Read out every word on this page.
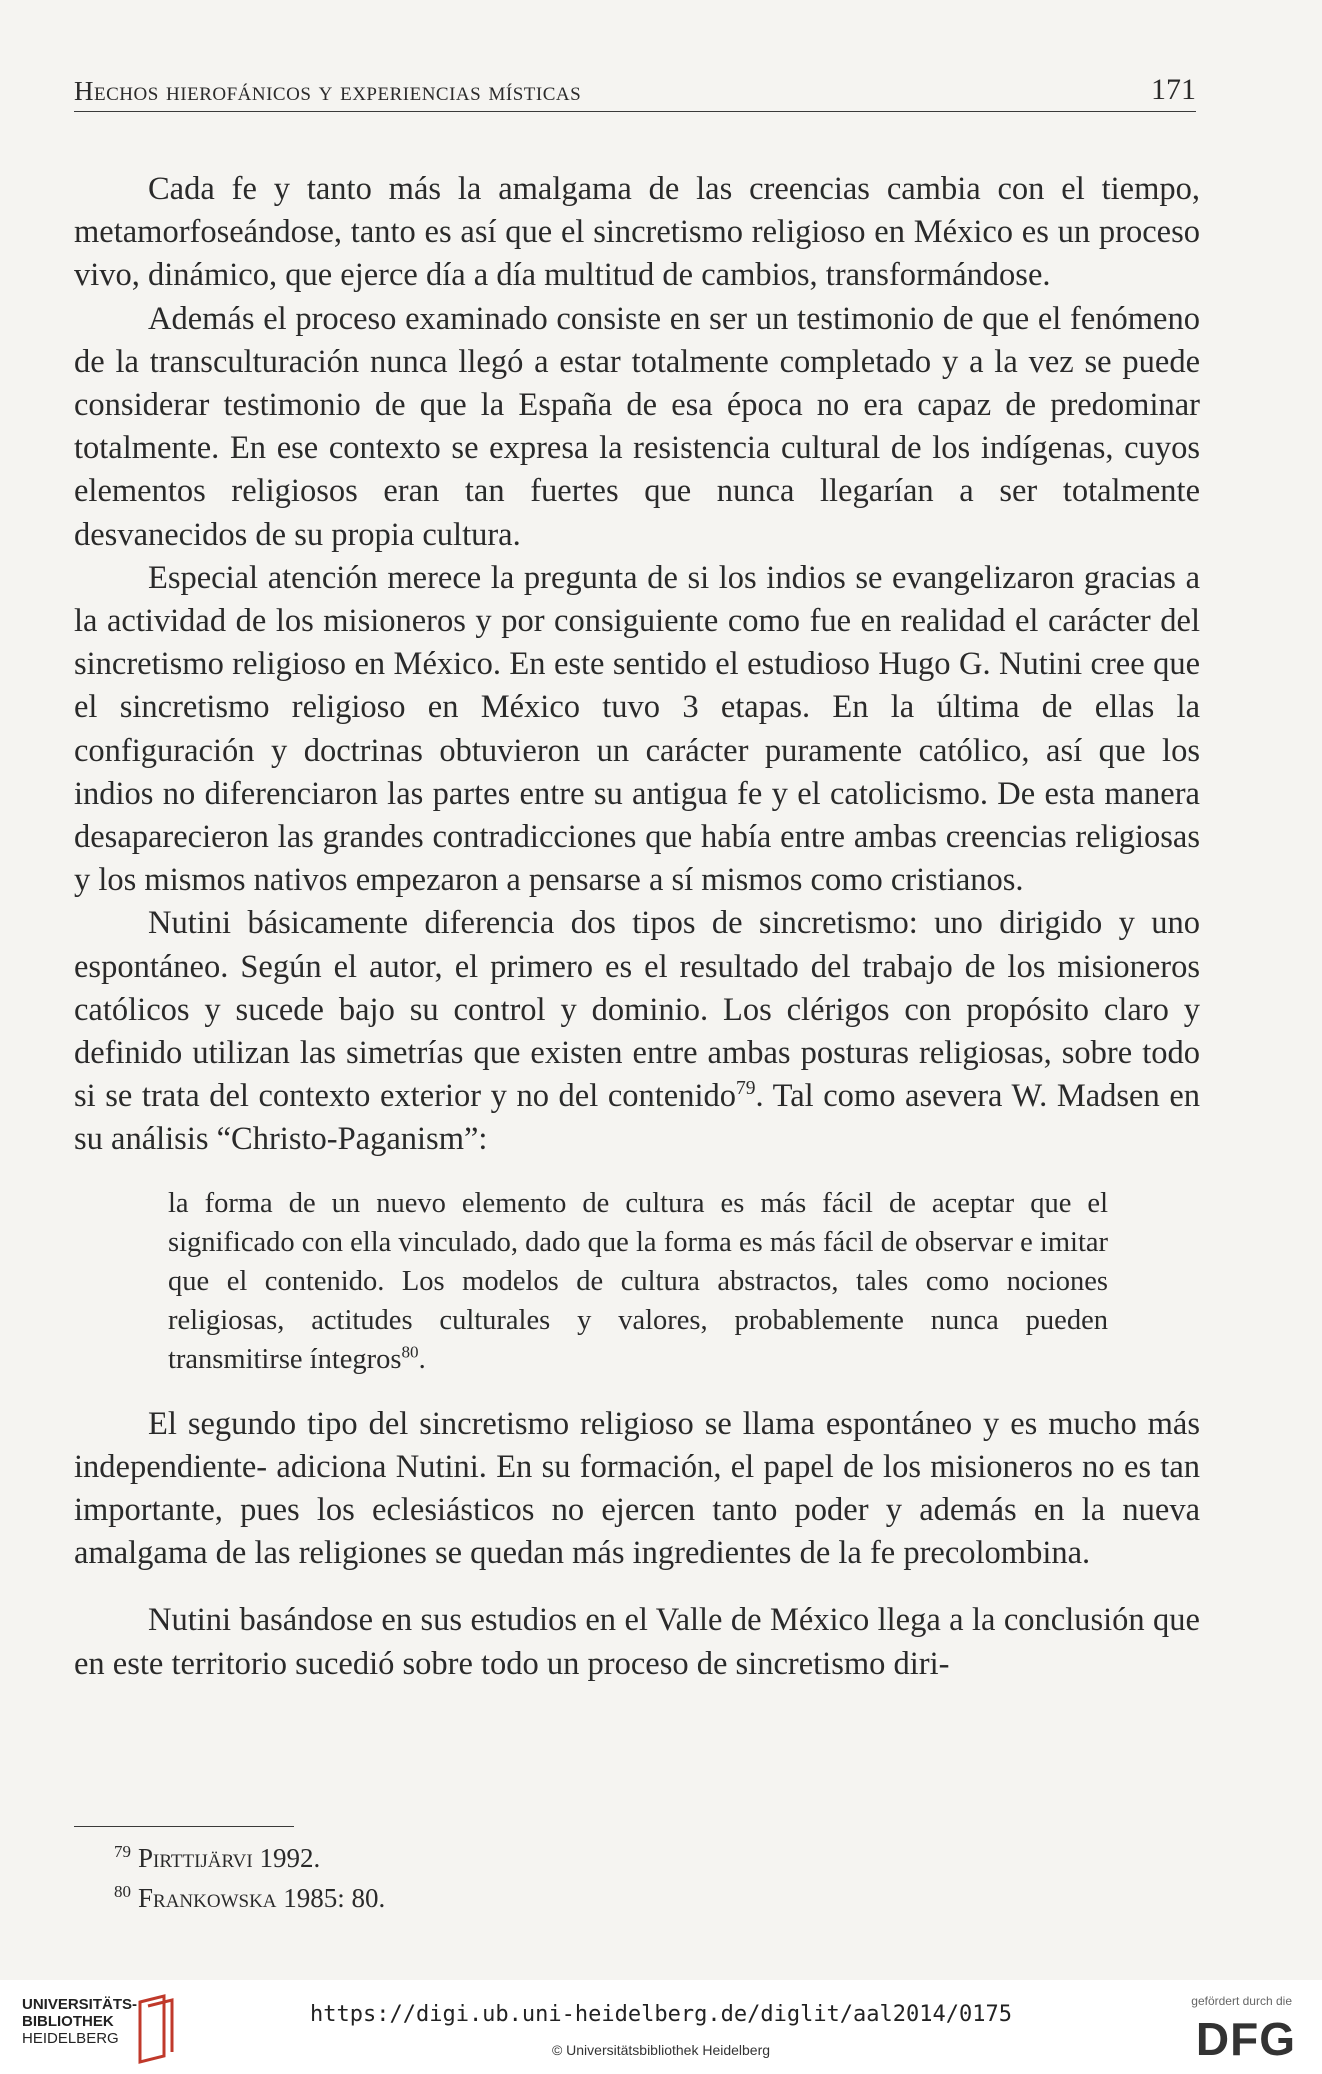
Hechos hierofánicos y experiencias místicas	171

Cada fe y tanto más la amalgama de las creencias cambia con el tiempo, metamorfoseándose, tanto es así que el sincretismo religioso en México es un proceso vivo, dinámico, que ejerce día a día multitud de cambios, transformándose.

Además el proceso examinado consiste en ser un testimonio de que el fenómeno de la transculturación nunca llegó a estar totalmente completado y a la vez se puede considerar testimonio de que la España de esa época no era capaz de predominar totalmente. En ese contexto se expresa la resistencia cultural de los indígenas, cuyos elementos religiosos eran tan fuertes que nunca llegarían a ser totalmente desvanecidos de su propia cultura.

Especial atención merece la pregunta de si los indios se evangelizaron gracias a la actividad de los misioneros y por consiguiente como fue en realidad el carácter del sincretismo religioso en México. En este sentido el estudioso Hugo G. Nutini cree que el sincretismo religioso en México tuvo 3 etapas. En la última de ellas la configuración y doctrinas obtuvieron un carácter puramente católico, así que los indios no diferenciaron las partes entre su antigua fe y el catolicismo. De esta manera desaparecieron las grandes contradicciones que había entre ambas creencias religiosas y los mismos nativos empezaron a pensarse a sí mismos como cristianos.

Nutini básicamente diferencia dos tipos de sincretismo: uno dirigido y uno espontáneo. Según el autor, el primero es el resultado del trabajo de los misioneros católicos y sucede bajo su control y dominio. Los clérigos con propósito claro y definido utilizan las simetrías que existen entre ambas posturas religiosas, sobre todo si se trata del contexto exterior y no del contenido$^{79}$. Tal como asevera W. Madsen en su análisis “Christo-Paganism”:

la forma de un nuevo elemento de cultura es más fácil de aceptar que el significado con ella vinculado, dado que la forma es más fácil de observar e imitar que el contenido. Los modelos de cultura abstractos, tales como nociones religiosas, actitudes culturales y valores, probablemente nunca pueden transmitirse íntegros$^{80}$.

El segundo tipo del sincretismo religioso se llama espontáneo y es mucho más independiente- adiciona Nutini. En su formación, el papel de los misioneros no es tan importante, pues los eclesiásticos no ejercen tanto poder y además en la nueva amalgama de las religiones se quedan más ingredientes de la fe precolombina.

Nutini basándose en sus estudios en el Valle de México llega a la conclusión que en este territorio sucedió sobre todo un proceso de sincretismo diri-

79 Pirttijärvi 1992.
80 Frankowska 1985: 80.
UNIVERSITÄTS-
BIBLIOTHEK
HEIDELBERG
https://digi.ub.uni-heidelberg.de/diglit/aal2014/0175
© Universitätsbibliothek Heidelberg
gefördert durch die
DFG
